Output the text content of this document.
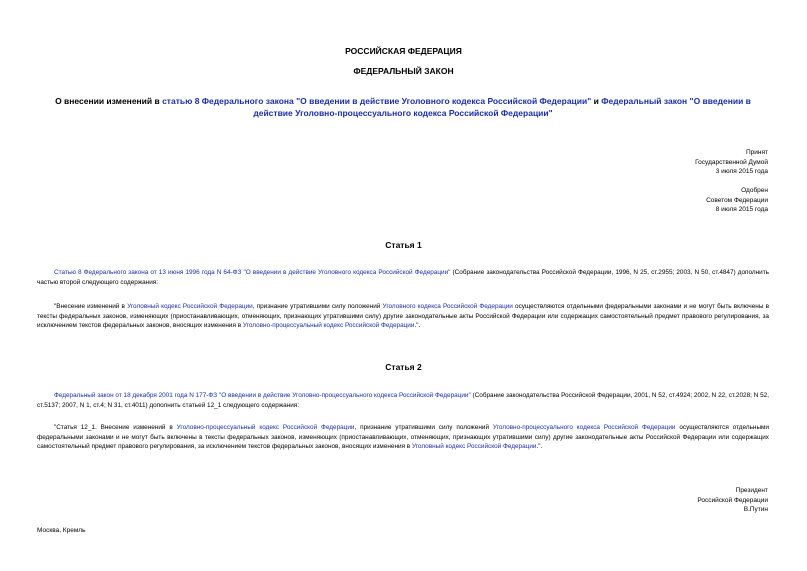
РОССИЙСКАЯ ФЕДЕРАЦИЯ
ФЕДЕРАЛЬНЫЙ ЗАКОН
О внесении изменений в статью 8 Федерального закона "О введении в действие Уголовного кодекса Российской Федерации" и Федеральный закон "О введении в действие Уголовно-процессуального кодекса Российской Федерации"
Принят
Государственной Думой
3 июля 2015 года
Одобрен
Советом Федерации
8 июля 2015 года
Статья 1
Статью 8 Федерального закона от 13 июня 1996 года N 64-ФЗ "О введении в действие Уголовного кодекса Российской Федерации" (Собрание законодательства Российской Федерации, 1996, N 25, ст.2955; 2003, N 50, ст.4847) дополнить частью второй следующего содержания:
"Внесение изменений в Уголовный кодекс Российской Федерации, признание утратившими силу положений Уголовного кодекса Российской Федерации осуществляются отдельными федеральными законами и не могут быть включены в тексты федеральных законов, изменяющих (приостанавливающих, отменяющих, признающих утратившими силу) другие законодательные акты Российской Федерации или содержащих самостоятельный предмет правового регулирования, за исключением текстов федеральных законов, вносящих изменения в Уголовно-процессуальный кодекс Российской Федерации.".
Статья 2
Федеральный закон от 18 декабря 2001 года N 177-ФЗ "О введении в действие Уголовно-процессуального кодекса Российской Федерации" (Собрание законодательства Российской Федерации, 2001, N 52, ст.4924; 2002, N 22, ст.2028; N 52, ст.5137; 2007, N 1, ст.4; N 31, ст.4011) дополнить статьей 12_1 следующего содержания:
"Статья 12_1. Внесение изменений в Уголовно-процессуальный кодекс Российской Федерации, признание утратившими силу положений Уголовно-процессуального кодекса Российской Федерации осуществляются отдельными федеральными законами и не могут быть включены в тексты федеральных законов, изменяющих (приостанавливающих, отменяющих, признающих утратившими силу) другие законодательные акты Российской Федерации или содержащих самостоятельный предмет правового регулирования, за исключением текстов федеральных законов, вносящих изменения в Уголовный кодекс Российской Федерации.".
Президент
Российской Федерации
В.Путин
Москва, Кремль
